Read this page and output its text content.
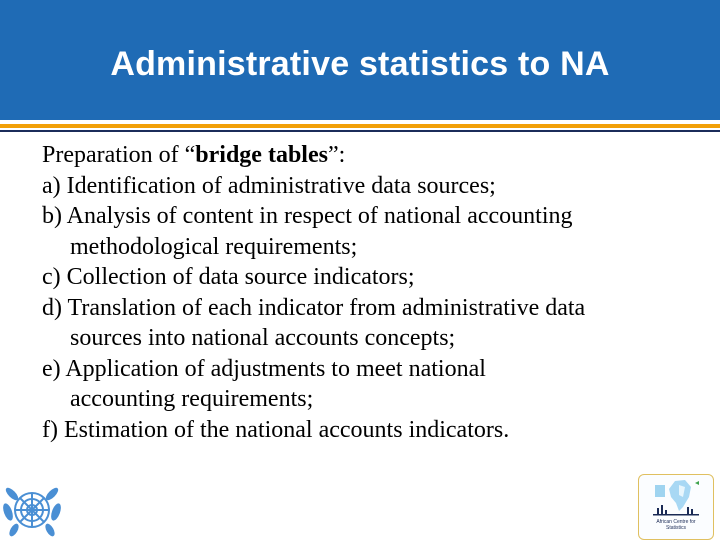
Administrative statistics to NA

Preparation of “bridge tables”:

a) Identification of administrative data sources;

b) Analysis of content in respect of national accounting

methodological requirements;

c) Collection of data source indicators;

d) Translation of each indicator from administrative data

sources into national accounts concepts;

e) Application of adjustments to meet national

accounting requirements;

f) Estimation of the national accounts indicators.

African Centre for
Statistics
